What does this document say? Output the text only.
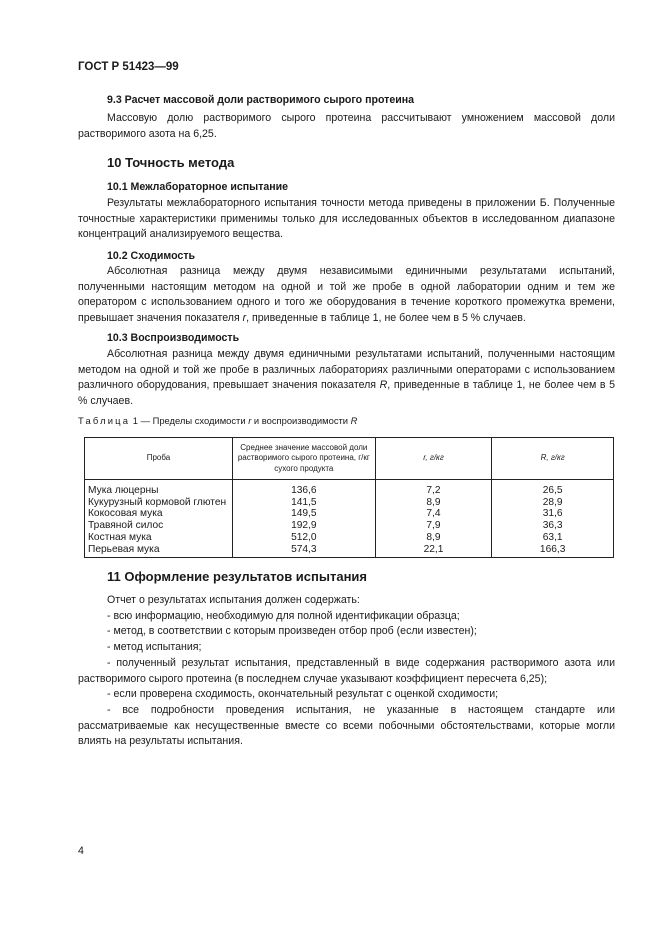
ГОСТ Р 51423—99
9.3 Расчет массовой доли растворимого сырого протеина
Массовую долю растворимого сырого протеина рассчитывают умножением массовой доли растворимого азота на 6,25.
10 Точность метода
10.1 Межлабораторное испытание
Результаты межлабораторного испытания точности метода приведены в приложении Б. Полученные точностные характеристики применимы только для исследованных объектов в исследованном диапазоне концентраций анализируемого вещества.
10.2 Сходимость
Абсолютная разница между двумя независимыми единичными результатами испытаний, полученными настоящим методом на одной и той же пробе в одной лаборатории одним и тем же оператором с использованием одного и того же оборудования в течение короткого промежутка времени, превышает значения показателя r, приведенные в таблице 1, не более чем в 5 % случаев.
10.3 Воспроизводимость
Абсолютная разница между двумя единичными результатами испытаний, полученными настоящим методом на одной и той же пробе в различных лабораториях различными операторами с использованием различного оборудования, превышает значения показателя R, приведенные в таблице 1, не более чем в 5 % случаев.
Таблица 1 — Пределы сходимости r и воспроизводимости R
Проба	Среднее значение массовой доли растворимого сырого протеина, г/кг сухого продукта	r, г/кг	R, г/кг
Мука люцерны	136,6	7,2	26,5
Кукурузный кормовой глютен	141,5	8,9	28,9
Кокосовая мука	149,5	7,4	31,6
Травяной силос	192,9	7,9	36,3
Костная мука	512,0	8,9	63,1
Перьевая мука	574,3	22,1	166,3
11 Оформление результатов испытания
Отчет о результатах испытания должен содержать:
- всю информацию, необходимую для полной идентификации образца;
- метод, в соответствии с которым произведен отбор проб (если известен);
- метод испытания;
- полученный результат испытания, представленный в виде содержания растворимого азота или растворимого сырого протеина (в последнем случае указывают коэффициент пересчета 6,25);
- если проверена сходимость, окончательный результат с оценкой сходимости;
- все подробности проведения испытания, не указанные в настоящем стандарте или рассматриваемые как несущественные вместе со всеми побочными обстоятельствами, которые могли влиять на результаты испытания.
4
